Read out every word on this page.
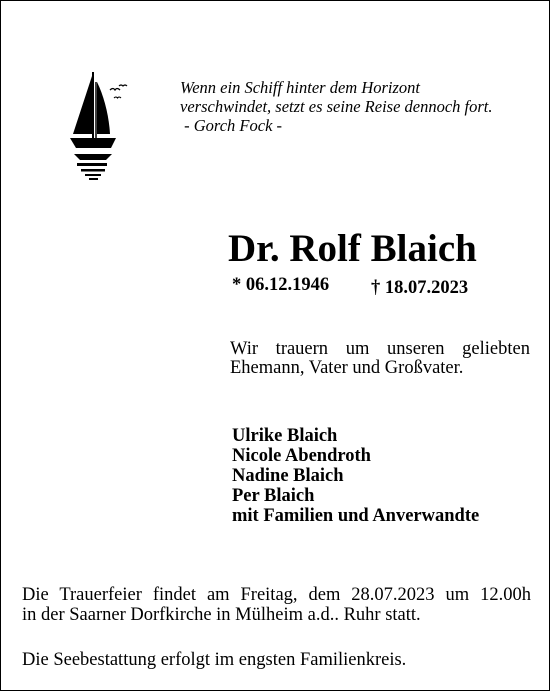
Wenn ein Schiff hinter dem Horizont
verschwindet, setzt es seine Reise dennoch fort.
- Gorch Fock -
Dr. Rolf Blaich
* 06.12.1946 † 18.07.2023
Wir trauern um unseren geliebten Ehemann, Vater und Großvater.
Ulrike Blaich
Nicole Abendroth
Nadine Blaich
Per Blaich
mit Familien und Anverwandte
Die Trauerfeier findet am Freitag, dem 28.07.2023 um 12.00h
in der Saarner Dorfkirche in Mülheim a.d.. Ruhr statt.
Die Seebestattung erfolgt im engsten Familienkreis.
